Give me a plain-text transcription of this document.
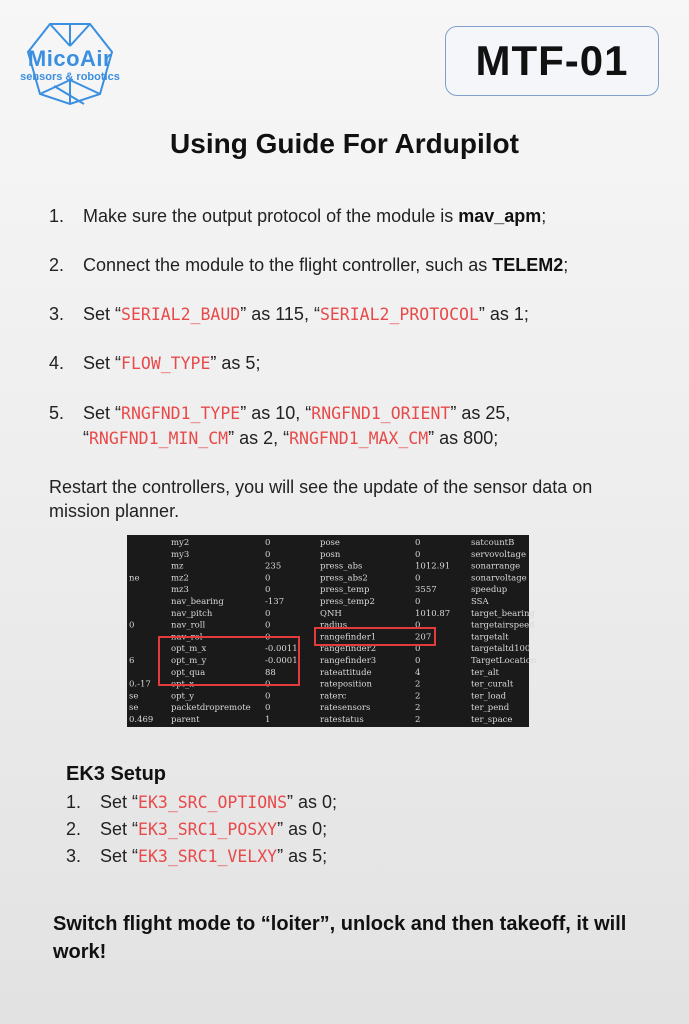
MicoAir
sensors & robotics	MTF-01
Using Guide For Ardupilot
1. Make sure the output protocol of the module is mav_apm;
2. Connect the module to the flight controller, such as TELEM2;
3. Set “SERIAL2_BAUD” as 115, “SERIAL2_PROTOCOL” as 1;
4. Set “FLOW_TYPE” as 5;
5. Set “RNGFND1_TYPE” as 10, “RNGFND1_ORIENT” as 25,
“RNGFND1_MIN_CM” as 2, “RNGFND1_MAX_CM” as 800;
Restart the controllers, you will see the update of the sensor data on mission planner.
my2
my3
mz
mz2
mz3
nav_bearing
nav_pitch
nav_roll
nav_rol
opt_m_x
opt_m_y
opt_qua
opt_x
opt_y
packetdropremote
parent
0
0
235
0
0
-137
0
0
0
-0.0011
-0.0001
88
0
0
0
1
pose
posn
press_abs
press_abs2
press_temp
press_temp2
QNH
radius
rangefinder1
rangefinder2
rangefinder3
rateattitude
rateposition
raterc
ratesensors
ratestatus
0
0
1012.91
0
3557
0
1010.87
0
207
0
0
4
2
2
2
2
satcountB
servovoltage
sonarrange
sonarvoltage
speedup
SSA
target_bearing
targetairspeed
targetalt
targetaltd100
TargetLocation
ter_alt
ter_curalt
ter_load
ter_pend
ter_space
ne
0
6
0.-17
se
se
0.469
EK3 Setup
1. Set “EK3_SRC_OPTIONS” as 0;
2. Set “EK3_SRC1_POSXY” as 0;
3. Set “EK3_SRC1_VELXY” as 5;
Switch flight mode to “loiter”, unlock and then takeoff, it will work!
